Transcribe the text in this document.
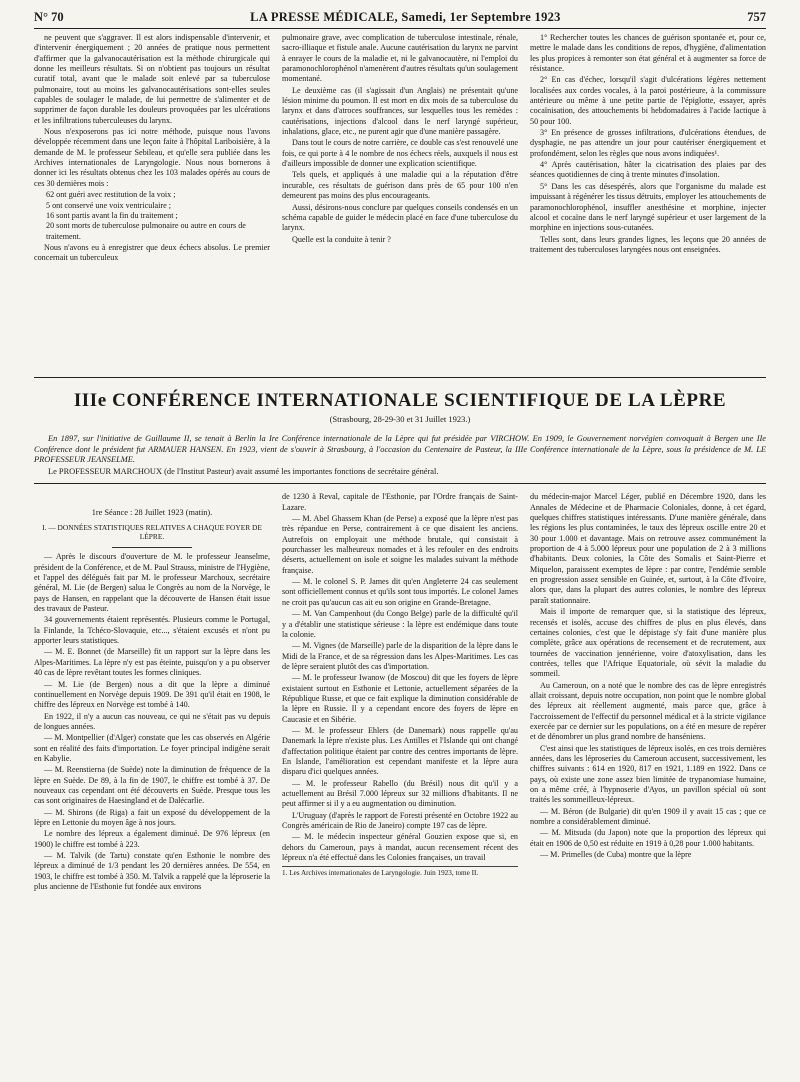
N° 70	LA PRESSE MÉDICALE, Samedi, 1er Septembre 1923	757

ne peuvent que s'aggraver. Il est alors indispensable d'intervenir, et d'intervenir énergiquement ; 20 années de pratique nous permettent d'affirmer que la galvanocautérisation est la méthode chirurgicale qui donne les meilleurs résultats. Si on n'obtient pas toujours un résultat curatif total, avant que le malade soit enlevé par sa tuberculose pulmonaire, tout au moins les galvanocautérisations sont-elles seules capables de soulager le malade, de lui permettre de s'alimenter et de supprimer de façon durable les douleurs provoquées par les ulcérations et les infiltrations tuberculeuses du larynx.

Nous n'exposerons pas ici notre méthode, puisque nous l'avons développée récemment dans une leçon faite à l'hôpital Lariboisière, à la demande de M. le professeur Sebileau, et qu'elle sera publiée dans les Archives internationales de Laryngologie. Nous nous bornerons à donner ici les résultats obtenus chez les 103 malades opérés au cours de ces 30 dernières mois :

62 ont guéri avec restitution de la voix ;
5 ont conservé une voix ventriculaire ;
16 sont partis avant la fin du traitement ;
20 sont morts de tuberculose pulmonaire ou autre en cours de traitement.

Nous n'avons eu à enregistrer que deux échecs absolus. Le premier concernait un tuberculeux

pulmonaire grave, avec complication de tuberculose intestinale, rénale, sacro-illiaque et fistule anale. Aucune cautérisation du larynx ne parvint à enrayer le cours de la maladie et, ni le galvanocautère, ni l'emploi du paramonochlorophénol n'amenèrent d'autres résultats qu'un soulagement momentané.

Le deuxième cas (il s'agissait d'un Anglais) ne présentait qu'une lésion minime du poumon. Il est mort en dix mois de sa tuberculose du larynx et dans d'atroces souffrances, sur lesquelles tous les remèdes : cautérisations, injections d'alcool dans le nerf laryngé supérieur, inhalations, glace, etc., ne purent agir que d'une manière passagère.

Dans tout le cours de notre carrière, ce double cas s'est renouvelé une fois, ce qui porte à 4 le nombre de nos échecs réels, auxquels il nous est d'ailleurs impossible de donner une explication scientifique.

Tels quels, et appliqués à une maladie qui a la réputation d'être incurable, ces résultats de guérison dans près de 65 pour 100 n'en demeurent pas moins des plus encourageants.

Aussi, désirons-nous conclure par quelques conseils condensés en un schéma capable de guider le médecin placé en face d'une tuberculose du larynx.

Quelle est la conduite à tenir ?

1° Rechercher toutes les chances de guérison spontanée et, pour ce, mettre le malade dans les conditions de repos, d'hygiène, d'alimentation les plus propices à remonter son état général et à augmenter sa force de résistance.

2° En cas d'échec, lorsqu'il s'agit d'ulcérations légères nettement localisées aux cordes vocales, à la paroi postérieure, à la commissure antérieure ou même à une petite partie de l'épiglotte, essayer, après cocaïnisation, des attouchements bi hebdomadaires à l'acide lactique à 50 pour 100.

3° En présence de grosses infiltrations, d'ulcérations étendues, de dysphagie, ne pas attendre un jour pour cautériser énergiquement et profondément, selon les règles que nous avons indiquées¹.

4° Après cautérisation, hâter la cicatrisation des plaies par des séances quotidiennes de cinq à trente minutes d'insolation.

5° Dans les cas désespérés, alors que l'organisme du malade est impuissant à régénérer les tissus détruits, employer les attouchements de paramonochlorophénol, insuffler anesthésine et morphine, injecter alcool et cocaïne dans le nerf laryngé supérieur et user largement de la morphine en injections sous-cutanées.

Telles sont, dans leurs grandes lignes, les leçons que 20 années de traitement des tuberculoses laryngées nous ont enseignées.

IIIe CONFÉRENCE INTERNATIONALE SCIENTIFIQUE DE LA LÈPRE
(Strasbourg, 28-29-30 et 31 Juillet 1923.)

En 1897, sur l'initiative de Guillaume II, se tenait à Berlin la Ire Conférence internationale de la Lèpre qui fut présidée par VIRCHOW. En 1909, le Gouvernement norvégien convoquait à Bergen une IIe Conférence dont le président fut ARMAUER HANSEN. En 1923, vient de s'ouvrir à Strasbourg, à l'occasion du Centenaire de Pasteur, la IIIe Conférence internationale de la Lèpre, sous la présidence de M. LE PROFESSEUR JEANSELME.

Le PROFESSEUR MARCHOUX (de l'Institut Pasteur) avait assumé les importantes fonctions de secrétaire général.

1re Séance : 28 Juillet 1923 (matin).
I. — DONNÉES STATISTIQUES RELATIVES A CHAQUE FOYER DE LÈPRE.

— Après le discours d'ouverture de M. le professeur Jeanselme, président de la Conférence, et de M. Paul Strauss, ministre de l'Hygiène, et l'appel des délégués fait par M. le professeur Marchoux, secrétaire général, M. Lie (de Bergen) salua le Congrès au nom de la Norvège, le pays de Hansen, en rappelant que la découverte de Hansen était issue des travaux de Pasteur.

34 gouvernements étaient représentés. Plusieurs comme le Portugal, la Finlande, la Tchéco-Slovaquie, etc..., s'étaient excusés et n'ont pu apporter leurs statistiques.

— M. E. Bonnet (de Marseille) fit un rapport sur la lèpre dans les Alpes-Maritimes. La lèpre n'y est pas éteinte, puisqu'on y a pu observer 40 cas de lèpre revêtant toutes les formes cliniques.

— M. Lie (de Bergen) nous a dit que la lèpre a diminué continuellement en Norvège depuis 1909. De 391 qu'il était en 1908, le chiffre des lépreux en Norvège est tombé à 140.

En 1922, il n'y a aucun cas nouveau, ce qui ne s'était pas vu depuis de longues années.

— M. Montpellier (d'Alger) constate que les cas observés en Algérie sont en réalité des faits d'importation. Le foyer principal indigène serait en Kabylie.

— M. Reenstierna (de Suède) note la diminution de fréquence de la lèpre en Suède. De 89, à la fin de 1907, le chiffre est tombé à 37. De nouveaux cas cependant ont été découverts en Suède. Presque tous les cas sont originaires de Haesingland et de Dalécarlie.

— M. Shirons (de Riga) a fait un exposé du développement de la lèpre en Lettonie du moyen âge à nos jours.

Le nombre des lépreux a également diminué. De 976 lépreux (en 1900) le chiffre est tombé à 223.

— M. Talvik (de Tartu) constate qu'en Esthonie le nombre des lépreux a diminué de 1/3 pendant les 20 dernières années. De 554, en 1903, le chiffre est tombé à 350. M. Talvik a rappelé que la léproserie la plus ancienne de l'Esthonie fut fondée aux environs

de 1230 à Reval, capitale de l'Esthonie, par l'Ordre français de Saint-Lazare.

— M. Abel Ghassem Khan (de Perse) a exposé que la lèpre n'est pas très répandue en Perse, contrairement à ce que disaient les anciens. Autrefois on employait une méthode brutale, qui consistait à pourchasser les malheureux nomades et à les refouler en des endroits déserts, actuellement on isole et soigne les malades suivant la méthode française.

— M. le colonel S. P. James dit qu'en Angleterre 24 cas seulement sont officiellement connus et qu'ils sont tous importés. Le colonel James ne croit pas qu'aucun cas ait eu son origine en Grande-Bretagne.

— M. Van Campenhout (du Congo Belge) parle de la difficulté qu'il y a d'établir une statistique sérieuse : la lèpre est endémique dans toute la colonie.

— M. Vignes (de Marseille) parle de la disparition de la lèpre dans le Midi de la France, et de sa régression dans les Alpes-Maritimes. Les cas de lèpre seraient plutôt des cas d'importation.

— M. le professeur Iwanow (de Moscou) dit que les foyers de lèpre existaient surtout en Esthonie et Lettonie, actuellement séparées de la République Russe, et que ce fait explique la diminution considérable de la lèpre en Russie. Il y a cependant encore des foyers de lèpre en Caucasie et en Sibérie.

— M. le professeur Ehlers (de Danemark) nous rappelle qu'au Danemark la lèpre n'existe plus. Les Antilles et l'Islande qui ont changé d'affectation politique étaient par contre des centres importants de lèpre. En Islande, l'amélioration est cependant manifeste et la lèpre aura disparu d'ici quelques années.

— M. le professeur Rabello (du Brésil) nous dit qu'il y a actuellement au Brésil 7.000 lépreux sur 32 millions d'habitants. Il ne peut affirmer si il y a eu augmentation ou diminution.

L'Uruguay (d'après le rapport de Foresti présenté en Octobre 1922 au Congrès américain de Rio de Janeiro) compte 197 cas de lèpre.

— M. le médecin inspecteur général Gouzien expose que si, en dehors du Cameroun, pays à mandat, aucun recensement récent des lépreux n'a été effectué dans les Colonies françaises, un travail

1. Les Archives internationales de Laryngologie. Juin 1923, tome II.

du médecin-major Marcel Léger, publié en Décembre 1920, dans les Annales de Médecine et de Pharmacie Coloniales, donne, à cet égard, quelques chiffres statistiques intéressants. D'une manière générale, dans les régions les plus contaminées, le taux des lépreux oscille entre 20 et 30 pour 1.000 et davantage. Mais on retrouve assez communément la proportion de 4 à 5.000 lépreux pour une population de 2 à 3 millions d'habitants. Deux colonies, la Côte des Somalis et Saint-Pierre et Miquelon, paraissent exemptes de lèpre : par contre, l'endémie semble en progression assez sensible en Guinée, et, surtout, à la Côte d'Ivoire, alors que, dans la plupart des autres colonies, le nombre des lépreux paraît stationnaire.

Mais il importe de remarquer que, si la statistique des lépreux, recensés et isolés, accuse des chiffres de plus en plus élevés, dans certaines colonies, c'est que le dépistage s'y fait d'une manière plus complète, grâce aux opérations de recensement et de recrutement, aux tournées de vaccination jennérienne, voire d'atoxylisation, dans les contrées, telles que l'Afrique Equatoriale, où sévit la maladie du sommeil.

Au Cameroun, on a noté que le nombre des cas de lèpre enregistrés allait croissant, depuis notre occupation, non point que le nombre global des lépreux ait réellement augmenté, mais parce que, grâce à l'accroissement de l'effectif du personnel médical et à la stricte vigilance exercée par ce dernier sur les populations, on a été en mesure de repérer et de dénombrer un plus grand nombre de hanséniens.

C'est ainsi que les statistiques de lépreux isolés, en ces trois dernières années, dans les léproseries du Cameroun accusent, successivement, les chiffres suivants : 614 en 1920, 817 en 1921, 1.189 en 1922. Dans ce pays, où existe une zone assez bien limitée de trypanomiase humaine, on a même créé, à l'hypnoserie d'Ayos, un pavillon spécial où sont traités les sommeilleux-lépreux.

— M. Béron (de Bulgarie) dit qu'en 1909 il y avait 15 cas ; que ce nombre a considérablement diminué.

— M. Mitsuda (du Japon) note que la proportion des lépreux qui était en 1906 de 0,50 est réduite en 1919 à 0,28 pour 1.000 habitants.

— M. Primelles (de Cuba) montre que la lèpre
